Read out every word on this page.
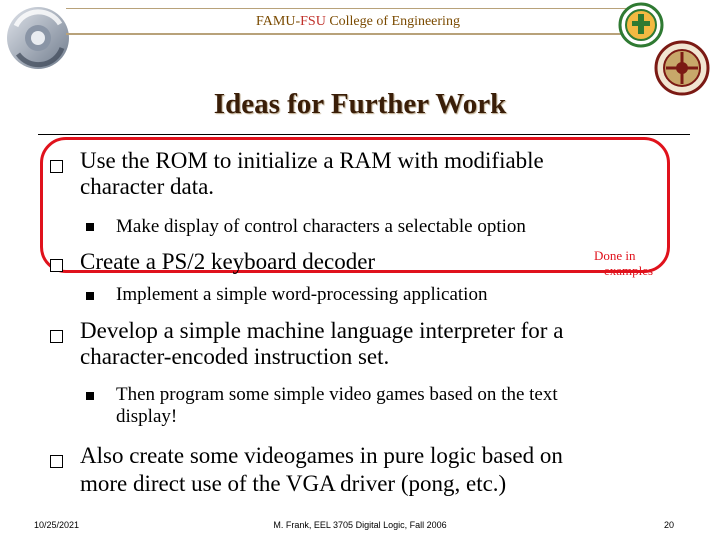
FAMU-FSU College of Engineering
Ideas for Further Work
Done in
examples
Use the ROM to initialize a RAM with modifiable
character data.
Make display of control characters a selectable option
Create a PS/2 keyboard decoder
Implement a simple word-processing application
Develop a simple machine language interpreter for a
character-encoded instruction set.
Then program some simple video games based on the text
display!
Also create some videogames in pure logic based on
more direct use of the VGA driver (pong, etc.)
10/25/2021	M. Frank, EEL 3705 Digital Logic, Fall 2006	20
